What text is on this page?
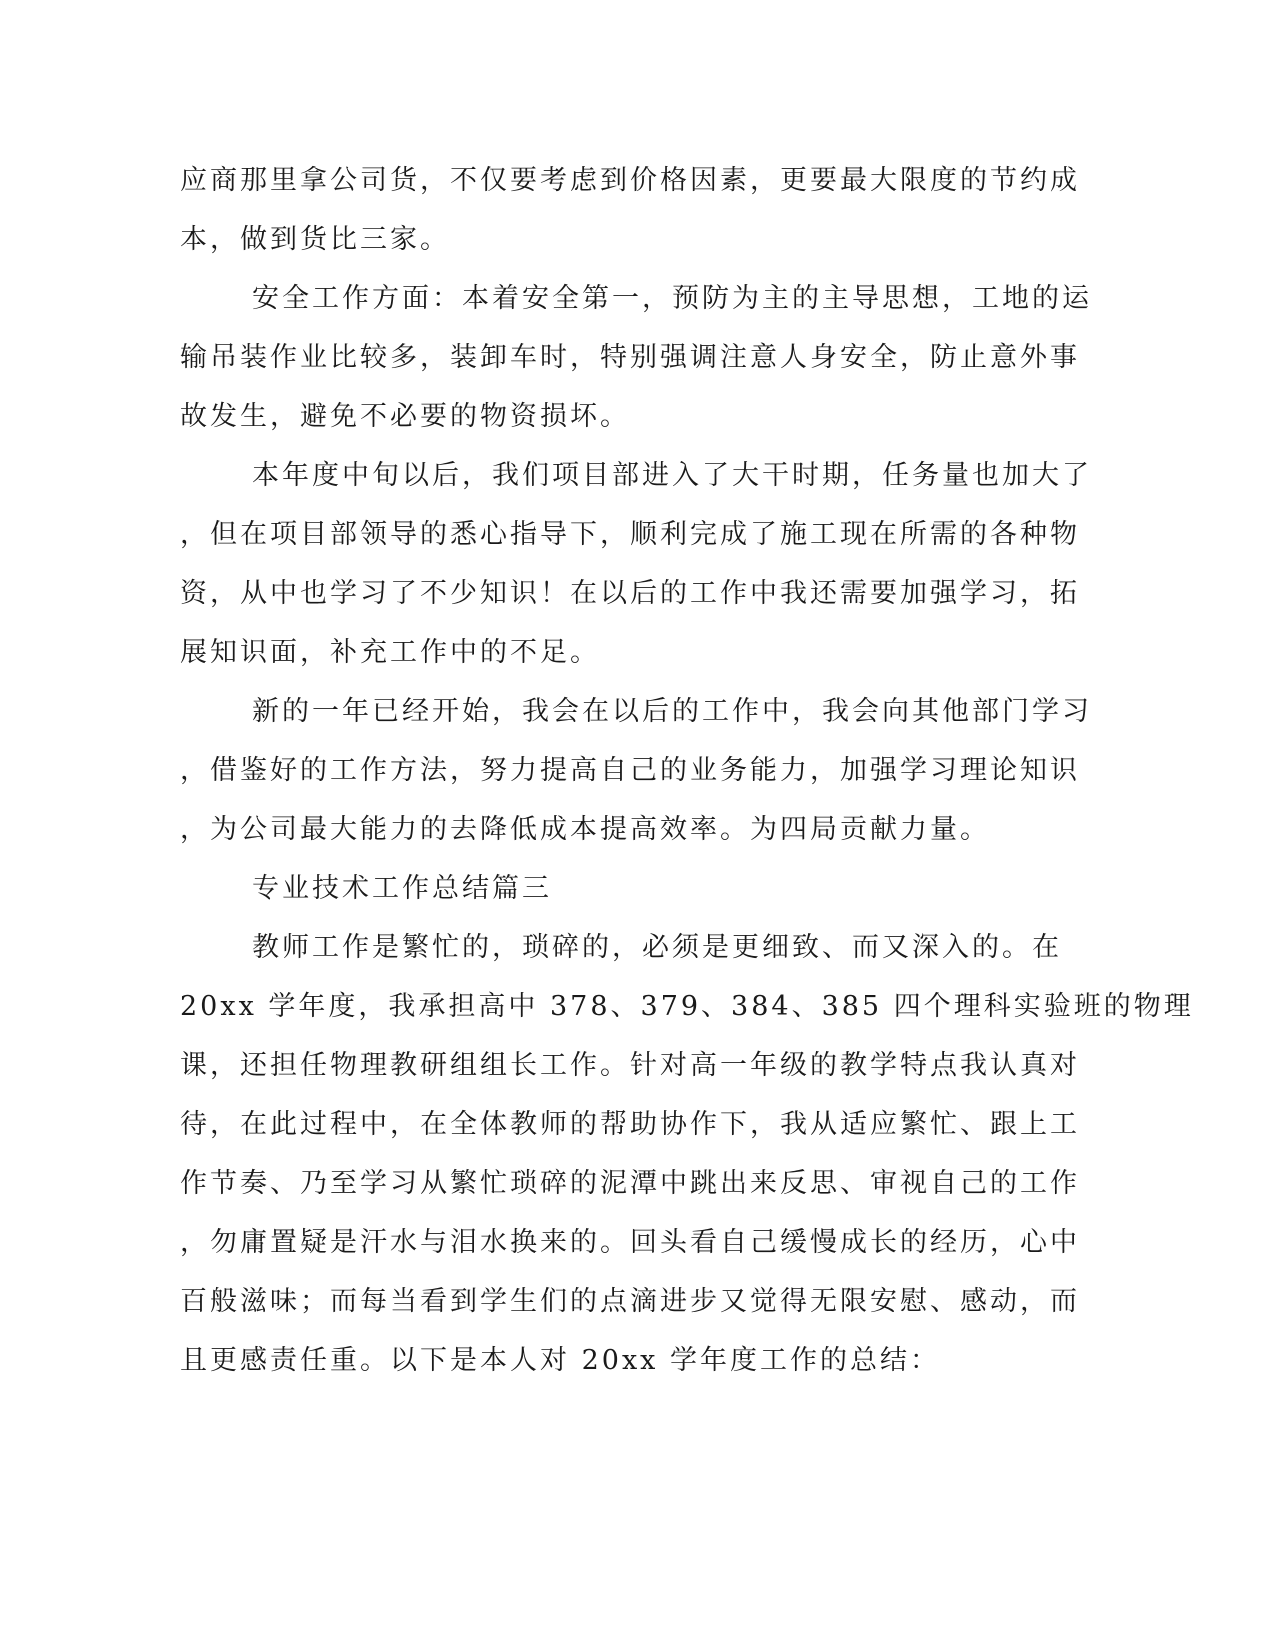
应商那里拿公司货，不仅要考虑到价格因素，更要最大限度的节约成
本，做到货比三家。
安全工作方面：本着安全第一，预防为主的主导思想，工地的运
输吊装作业比较多，装卸车时，特别强调注意人身安全，防止意外事
故发生，避免不必要的物资损坏。
本年度中旬以后，我们项目部进入了大干时期，任务量也加大了
，但在项目部领导的悉心指导下，顺利完成了施工现在所需的各种物
资，从中也学习了不少知识！在以后的工作中我还需要加强学习，拓
展知识面，补充工作中的不足。
新的一年已经开始，我会在以后的工作中，我会向其他部门学习
，借鉴好的工作方法，努力提高自己的业务能力，加强学习理论知识
，为公司最大能力的去降低成本提高效率。为四局贡献力量。
专业技术工作总结篇三
教师工作是繁忙的，琐碎的，必须是更细致、而又深入的。在
20xx 学年度，我承担高中 378、379、384、385 四个理科实验班的物理
课，还担任物理教研组组长工作。针对高一年级的教学特点我认真对
待，在此过程中，在全体教师的帮助协作下，我从适应繁忙、跟上工
作节奏、乃至学习从繁忙琐碎的泥潭中跳出来反思、审视自己的工作
，勿庸置疑是汗水与泪水换来的。回头看自己缓慢成长的经历，心中
百般滋味；而每当看到学生们的点滴进步又觉得无限安慰、感动，而
且更感责任重。以下是本人对 20xx 学年度工作的总结：
